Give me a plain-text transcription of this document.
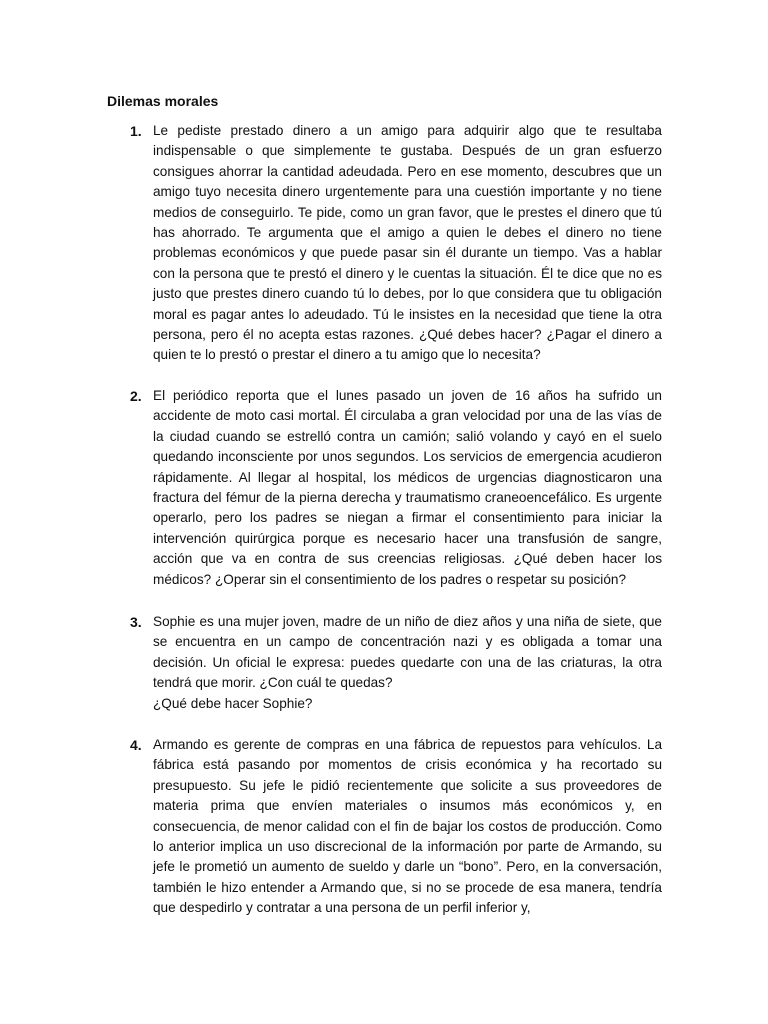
Dilemas morales
1. Le pediste prestado dinero a un amigo para adquirir algo que te resultaba indispensable o que simplemente te gustaba. Después de un gran esfuerzo consigues ahorrar la cantidad adeudada. Pero en ese momento, descubres que un amigo tuyo necesita dinero urgentemente para una cuestión importante y no tiene medios de conseguirlo. Te pide, como un gran favor, que le prestes el dinero que tú has ahorrado. Te argumenta que el amigo a quien le debes el dinero no tiene problemas económicos y que puede pasar sin él durante un tiempo. Vas a hablar con la persona que te prestó el dinero y le cuentas la situación. Él te dice que no es justo que prestes dinero cuando tú lo debes, por lo que considera que tu obligación moral es pagar antes lo adeudado. Tú le insistes en la necesidad que tiene la otra persona, pero él no acepta estas razones. ¿Qué debes hacer? ¿Pagar el dinero a quien te lo prestó o prestar el dinero a tu amigo que lo necesita?

2. El periódico reporta que el lunes pasado un joven de 16 años ha sufrido un accidente de moto casi mortal. Él circulaba a gran velocidad por una de las vías de la ciudad cuando se estrelló contra un camión; salió volando y cayó en el suelo quedando inconsciente por unos segundos. Los servicios de emergencia acudieron rápidamente. Al llegar al hospital, los médicos de urgencias diagnosticaron una fractura del fémur de la pierna derecha y traumatismo craneoencefálico. Es urgente operarlo, pero los padres se niegan a firmar el consentimiento para iniciar la intervención quirúrgica porque es necesario hacer una transfusión de sangre, acción que va en contra de sus creencias religiosas. ¿Qué deben hacer los médicos? ¿Operar sin el consentimiento de los padres o respetar su posición?

3. Sophie es una mujer joven, madre de un niño de diez años y una niña de siete, que se encuentra en un campo de concentración nazi y es obligada a tomar una decisión. Un oficial le expresa: puedes quedarte con una de las criaturas, la otra tendrá que morir. ¿Con cuál te quedas?

¿Qué debe hacer Sophie?

4. Armando es gerente de compras en una fábrica de repuestos para vehículos. La fábrica está pasando por momentos de crisis económica y ha recortado su presupuesto. Su jefe le pidió recientemente que solicite a sus proveedores de materia prima que envíen materiales o insumos más económicos y, en consecuencia, de menor calidad con el fin de bajar los costos de producción. Como lo anterior implica un uso discrecional de la información por parte de Armando, su jefe le prometió un aumento de sueldo y darle un “bono”. Pero, en la conversación, también le hizo entender a Armando que, si no se procede de esa manera, tendría que despedirlo y contratar a una persona de un perfil inferior y,
